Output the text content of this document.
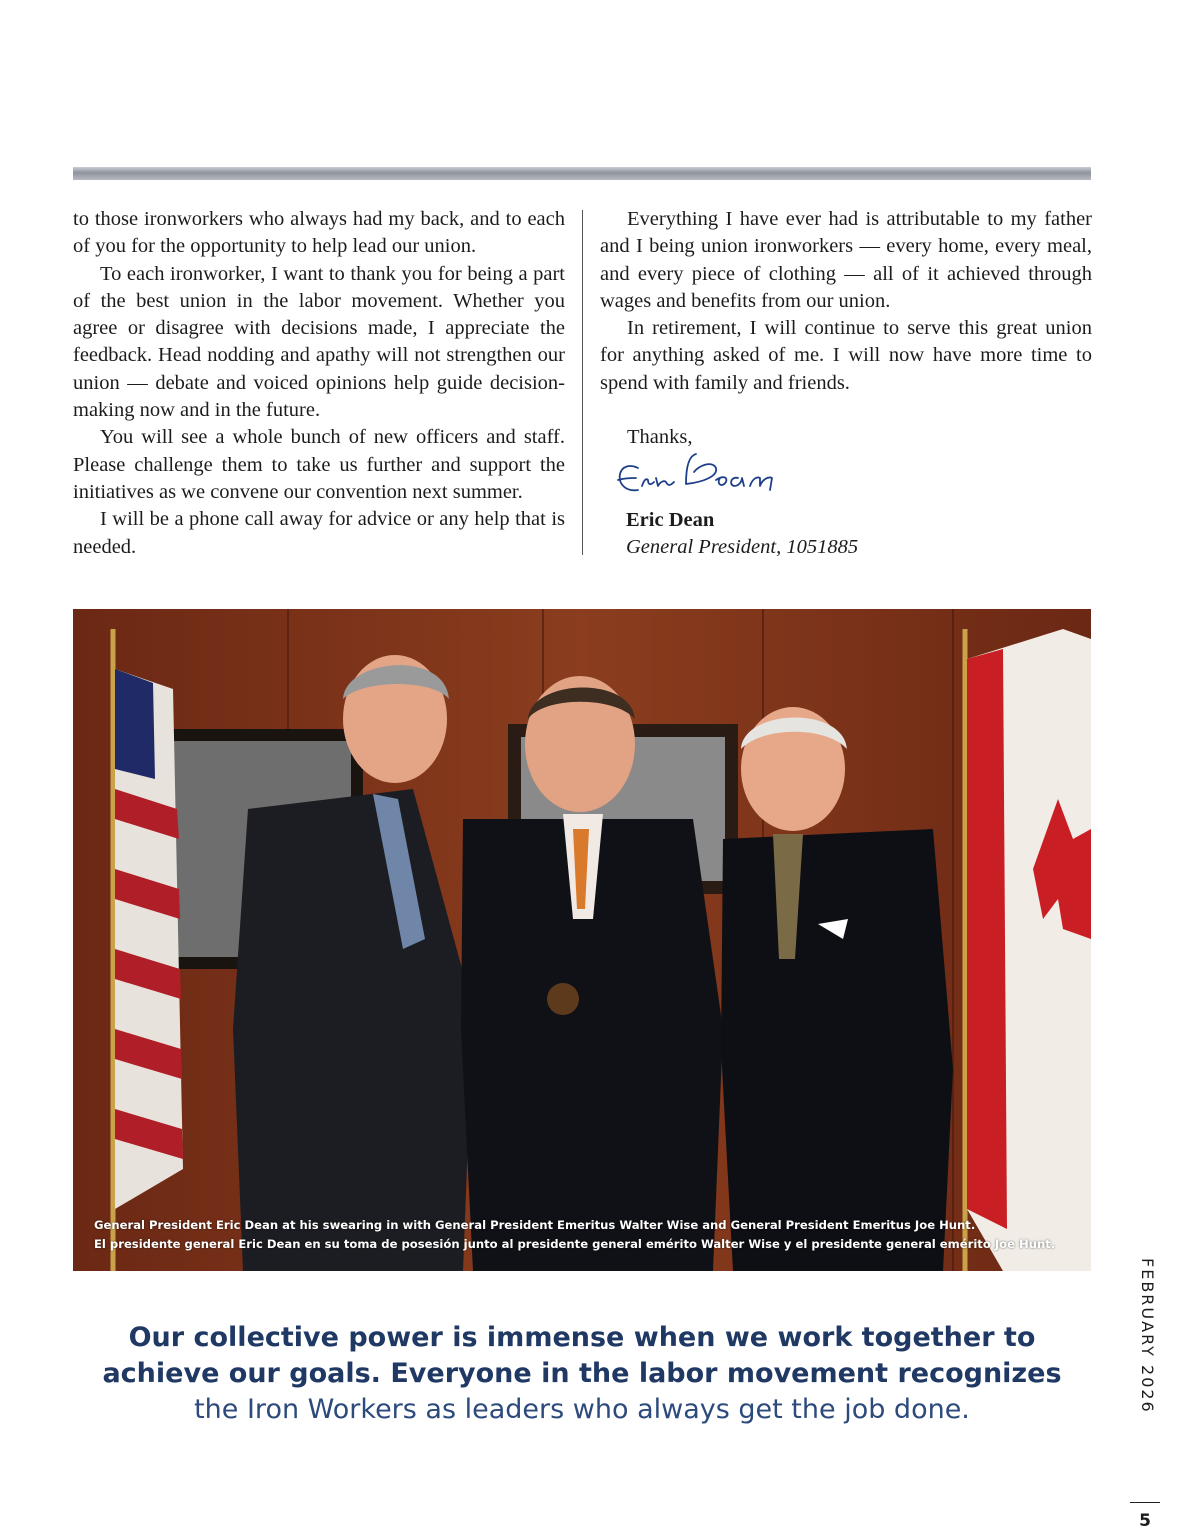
to those ironworkers who always had my back, and to each of you for the opportunity to help lead our union.

To each ironworker, I want to thank you for being a part of the best union in the labor movement. Whether you agree or disagree with decisions made, I appreciate the feedback. Head nodding and apathy will not strengthen our union — debate and voiced opinions help guide decision-making now and in the future.

You will see a whole bunch of new officers and staff. Please challenge them to take us further and support the initiatives as we convene our convention next summer.

I will be a phone call away for advice or any help that is needed.

Everything I have ever had is attributable to my father and I being union ironworkers — every home, every meal, and every piece of clothing — all of it achieved through wages and benefits from our union.

In retirement, I will continue to serve this great union for anything asked of me. I will now have more time to spend with family and friends.

Thanks,

Eric Dean
General President, 1051885
General President Eric Dean at his swearing in with General President Emeritus Walter Wise and General President Emeritus Joe Hunt.
El presidente general Eric Dean en su toma de posesión junto al presidente general emérito Walter Wise y el presidente general emérito Joe Hunt.
Our collective power is immense when we work together to
achieve our goals. Everyone in the labor movement recognizes
the Iron Workers as leaders who always get the job done.	FEBRUARY 2026
5
